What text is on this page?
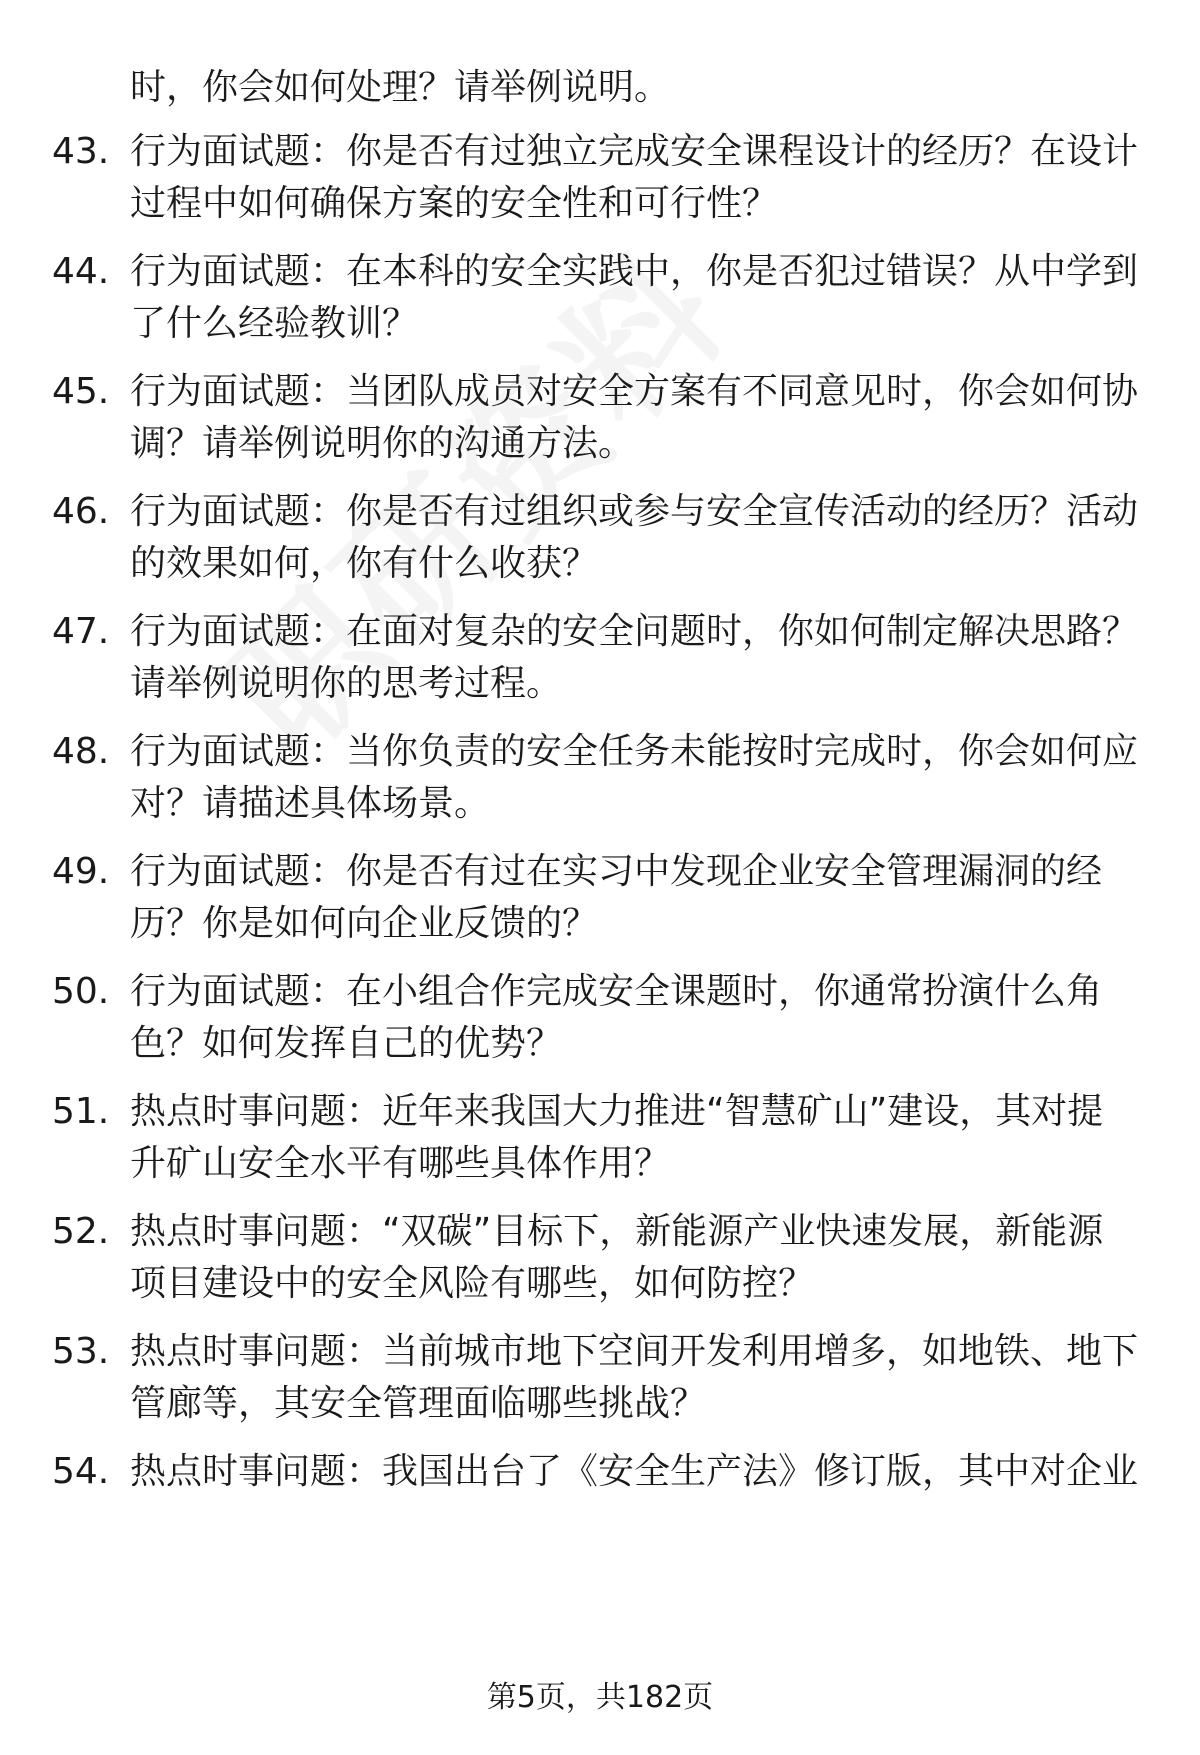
时，你会如何处理？请举例说明。
43. 行为面试题：你是否有过独立完成安全课程设计的经历？在设计
过程中如何确保方案的安全性和可行性？
44. 行为面试题：在本科的安全实践中，你是否犯过错误？从中学到
了什么经验教训？
45. 行为面试题：当团队成员对安全方案有不同意见时，你会如何协
调？请举例说明你的沟通方法。
46. 行为面试题：你是否有过组织或参与安全宣传活动的经历？活动
的效果如何，你有什么收获？
47. 行为面试题：在面对复杂的安全问题时，你如何制定解决思路？
请举例说明你的思考过程。
48. 行为面试题：当你负责的安全任务未能按时完成时，你会如何应
对？请描述具体场景。
49. 行为面试题：你是否有过在实习中发现企业安全管理漏洞的经
历？你是如何向企业反馈的？
50. 行为面试题：在小组合作完成安全课题时，你通常扮演什么角
色？如何发挥自己的优势？
51. 热点时事问题：近年来我国大力推进“智慧矿山”建设，其对提
升矿山安全水平有哪些具体作用？
52. 热点时事问题：“双碳”目标下，新能源产业快速发展，新能源
项目建设中的安全风险有哪些，如何防控？
53. 热点时事问题：当前城市地下空间开发利用增多，如地铁、地下
管廊等，其安全管理面临哪些挑战？
54. 热点时事问题：我国出台了《安全生产法》修订版，其中对企业
第5页，共182页
